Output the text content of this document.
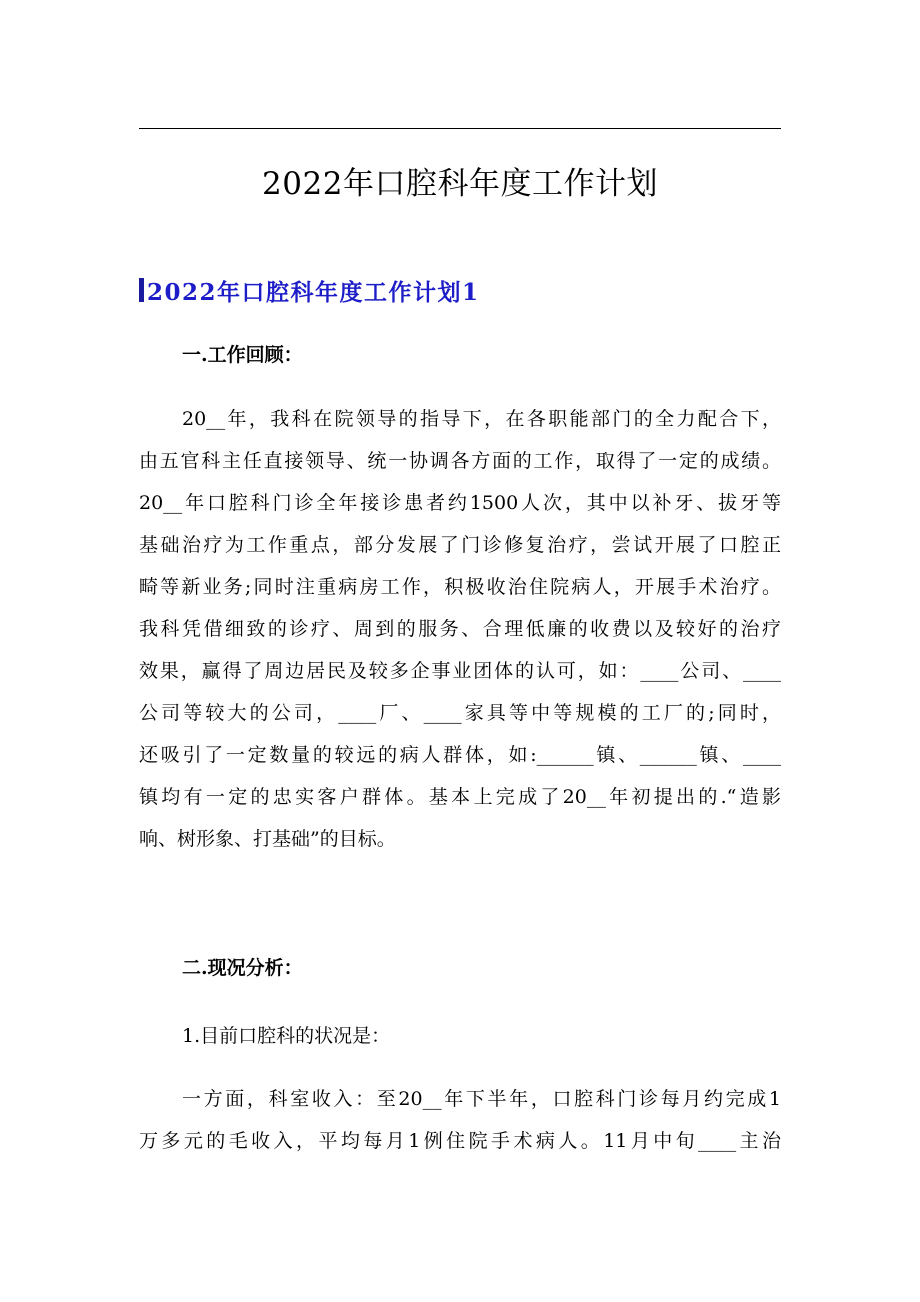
2022年口腔科年度工作计划
2022年口腔科年度工作计划1
一.工作回顾：
20__年，我科在院领导的指导下，在各职能部门的全力配合下，
由五官科主任直接领导、统一协调各方面的工作，取得了一定的成绩。
20__年口腔科门诊全年接诊患者约1500人次，其中以补牙、拔牙等
基础治疗为工作重点，部分发展了门诊修复治疗，尝试开展了口腔正
畸等新业务;同时注重病房工作，积极收治住院病人，开展手术治疗。
我科凭借细致的诊疗、周到的服务、合理低廉的收费以及较好的治疗
效果，赢得了周边居民及较多企事业团体的认可，如：____公司、____
公司等较大的公司，____厂、____家具等中等规模的工厂的;同时，
还吸引了一定数量的较远的病人群体，如:______镇、______镇、____
镇均有一定的忠实客户群体。基本上完成了20__年初提出的.“造影
响、树形象、打基础”的目标。
二.现况分析：
1.目前口腔科的状况是：
一方面，科室收入：至20__年下半年，口腔科门诊每月约完成1
万多元的毛收入，平均每月1例住院手术病人。11月中旬____主治
